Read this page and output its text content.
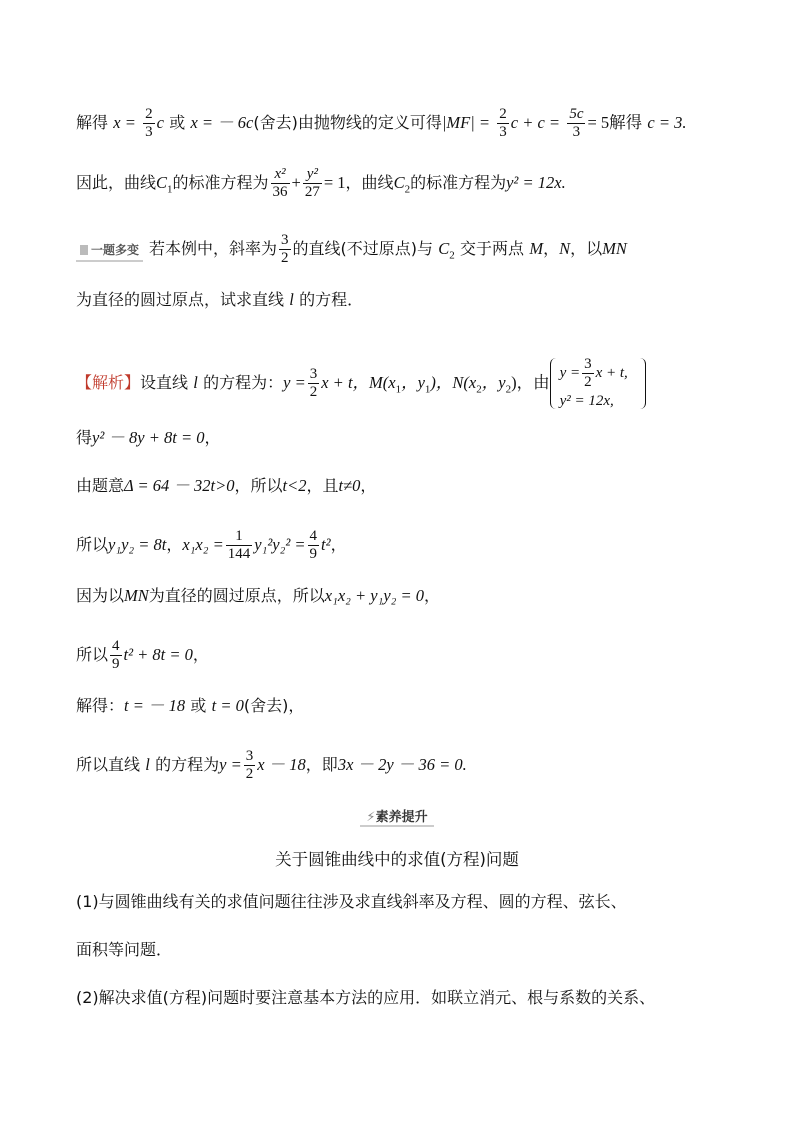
解得 $x = \frac{2}{3}$ c 或 x = － 6c(舍去)由抛物线的定义可得$|MF| = \frac{2}{3}$ $c + c = \frac{5c}{3} = 5$解得 c = 3.
因此，曲线$C_1$的标准方程为 $\frac{\text{x²}}{36} + \frac{\text{y²}}{27} = 1$，曲线$C_2$的标准方程为y² = 12x.
一题多变 若本例中，斜率为 $\frac{3}{2}$ 的直线(不过原点)与 $C_2$ 交于两点 M，N，以MN
为直径的圆过原点，试求直线 l 的方程．
【解析】设直线 l 的方程为：$y = \frac{3}{2}$ x + t，$M(x_1$，$y_1$)，$N(x_2$，$y_2$)，由
$y = \frac{3}{2}$ x + t,
y² = 12x,
得y² － 8y + 8t = 0，
由题意Δ = 64 － 32t>0，所以t<2，且t≠0，
所以y₁y₂ = 8t，$x_1x_2 = \frac{1}{144} y_1^2y_2^2 = \frac{4}{9} t^2$，
因为以MN为直径的圆过原点，所以x₁x₂ + y₁y₂ = 0，
所以 $\frac{4}{9} t^2 + 8t = 0$，
解得：t = － 18 或 t = 0(舍去)，
所以直线 l 的方程为$y = \frac{3}{2}$ x － 18，即3x － 2y － 36 = 0.
⚡素养提升
关于圆锥曲线中的求值(方程)问题
(1)与圆锥曲线有关的求值问题往往涉及求直线斜率及方程、圆的方程、弦长、
面积等问题．
(2)解决求值(方程)问题时要注意基本方法的应用．如联立消元、根与系数的关系、
